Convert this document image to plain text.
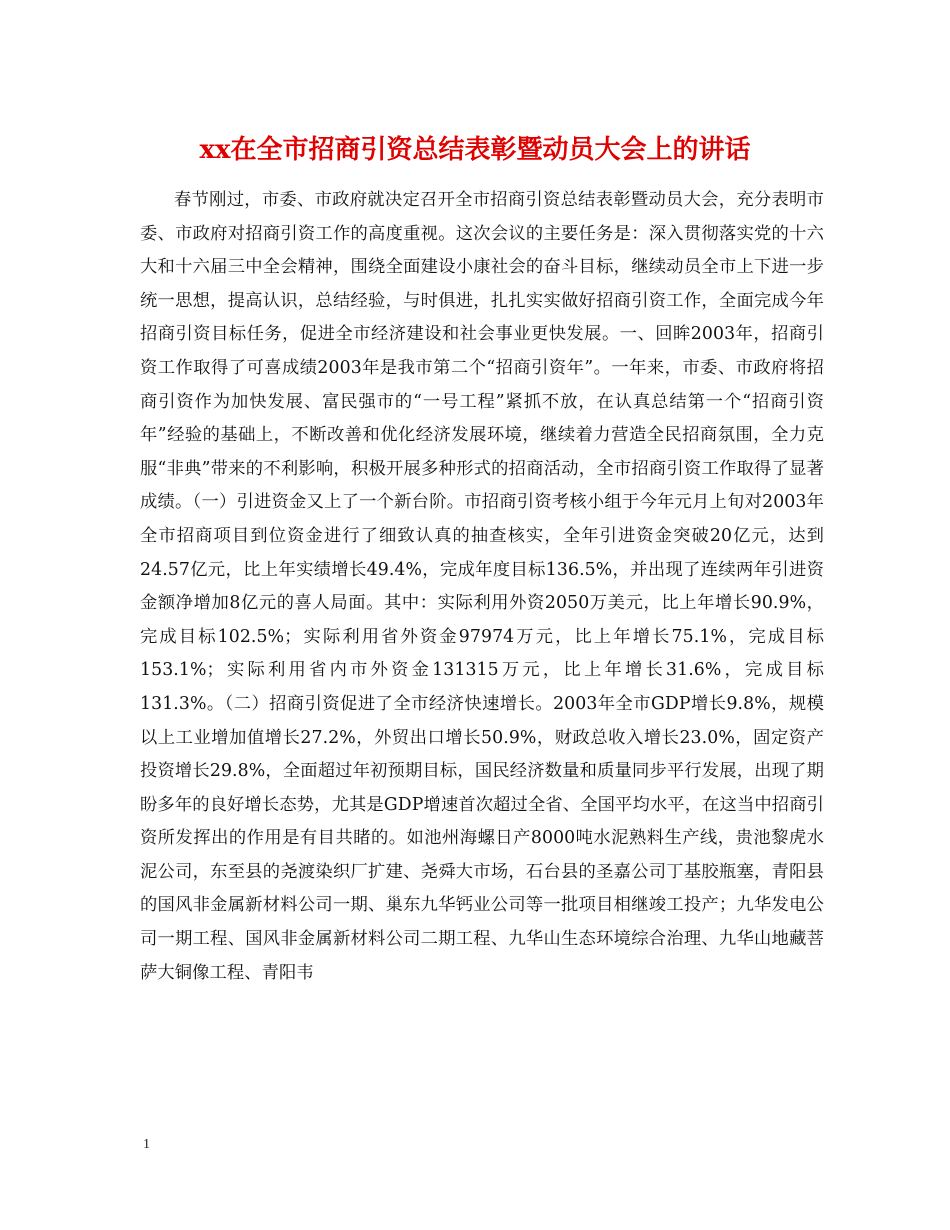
xx在全市招商引资总结表彰暨动员大会上的讲话

春节刚过，市委、市政府就决定召开全市招商引资总结表彰暨动员大会，充分表明市委、市政府对招商引资工作的高度重视。这次会议的主要任务是：深入贯彻落实党的十六大和十六届三中全会精神，围绕全面建设小康社会的奋斗目标，继续动员全市上下进一步统一思想，提高认识，总结经验，与时俱进，扎扎实实做好招商引资工作，全面完成今年招商引资目标任务，促进全市经济建设和社会事业更快发展。一、回眸2003年，招商引资工作取得了可喜成绩2003年是我市第二个“招商引资年”。一年来，市委、市政府将招商引资作为加快发展、富民强市的“一号工程”紧抓不放，在认真总结第一个“招商引资年”经验的基础上，不断改善和优化经济发展环境，继续着力营造全民招商氛围，全力克服“非典”带来的不利影响，积极开展多种形式的招商活动，全市招商引资工作取得了显著成绩。（一）引进资金又上了一个新台阶。市招商引资考核小组于今年元月上旬对2003年全市招商项目到位资金进行了细致认真的抽查核实，全年引进资金突破20亿元，达到24.57亿元，比上年实绩增长49.4%，完成年度目标136.5%，并出现了连续两年引进资金额净增加8亿元的喜人局面。其中：实际利用外资2050万美元，比上年增长90.9%，完成目标102.5%；实际利用省外资金97974万元，比上年增长75.1%，完成目标153.1%；实际利用省内市外资金131315万元，比上年增长31.6%，完成目标131.3%。（二）招商引资促进了全市经济快速增长。2003年全市GDP增长9.8%，规模以上工业增加值增长27.2%，外贸出口增长50.9%，财政总收入增长23.0%，固定资产投资增长29.8%，全面超过年初预期目标，国民经济数量和质量同步平行发展，出现了期盼多年的良好增长态势，尤其是GDP增速首次超过全省、全国平均水平，在这当中招商引资所发挥出的作用是有目共睹的。如池州海螺日产8000吨水泥熟料生产线，贵池黎虎水泥公司，东至县的尧渡染织厂扩建、尧舜大市场，石台县的圣嘉公司丁基胶瓶塞，青阳县的国风非金属新材料公司一期、巢东九华钙业公司等一批项目相继竣工投产；九华发电公司一期工程、国风非金属新材料公司二期工程、九华山生态环境综合治理、九华山地藏菩萨大铜像工程、青阳韦

1
